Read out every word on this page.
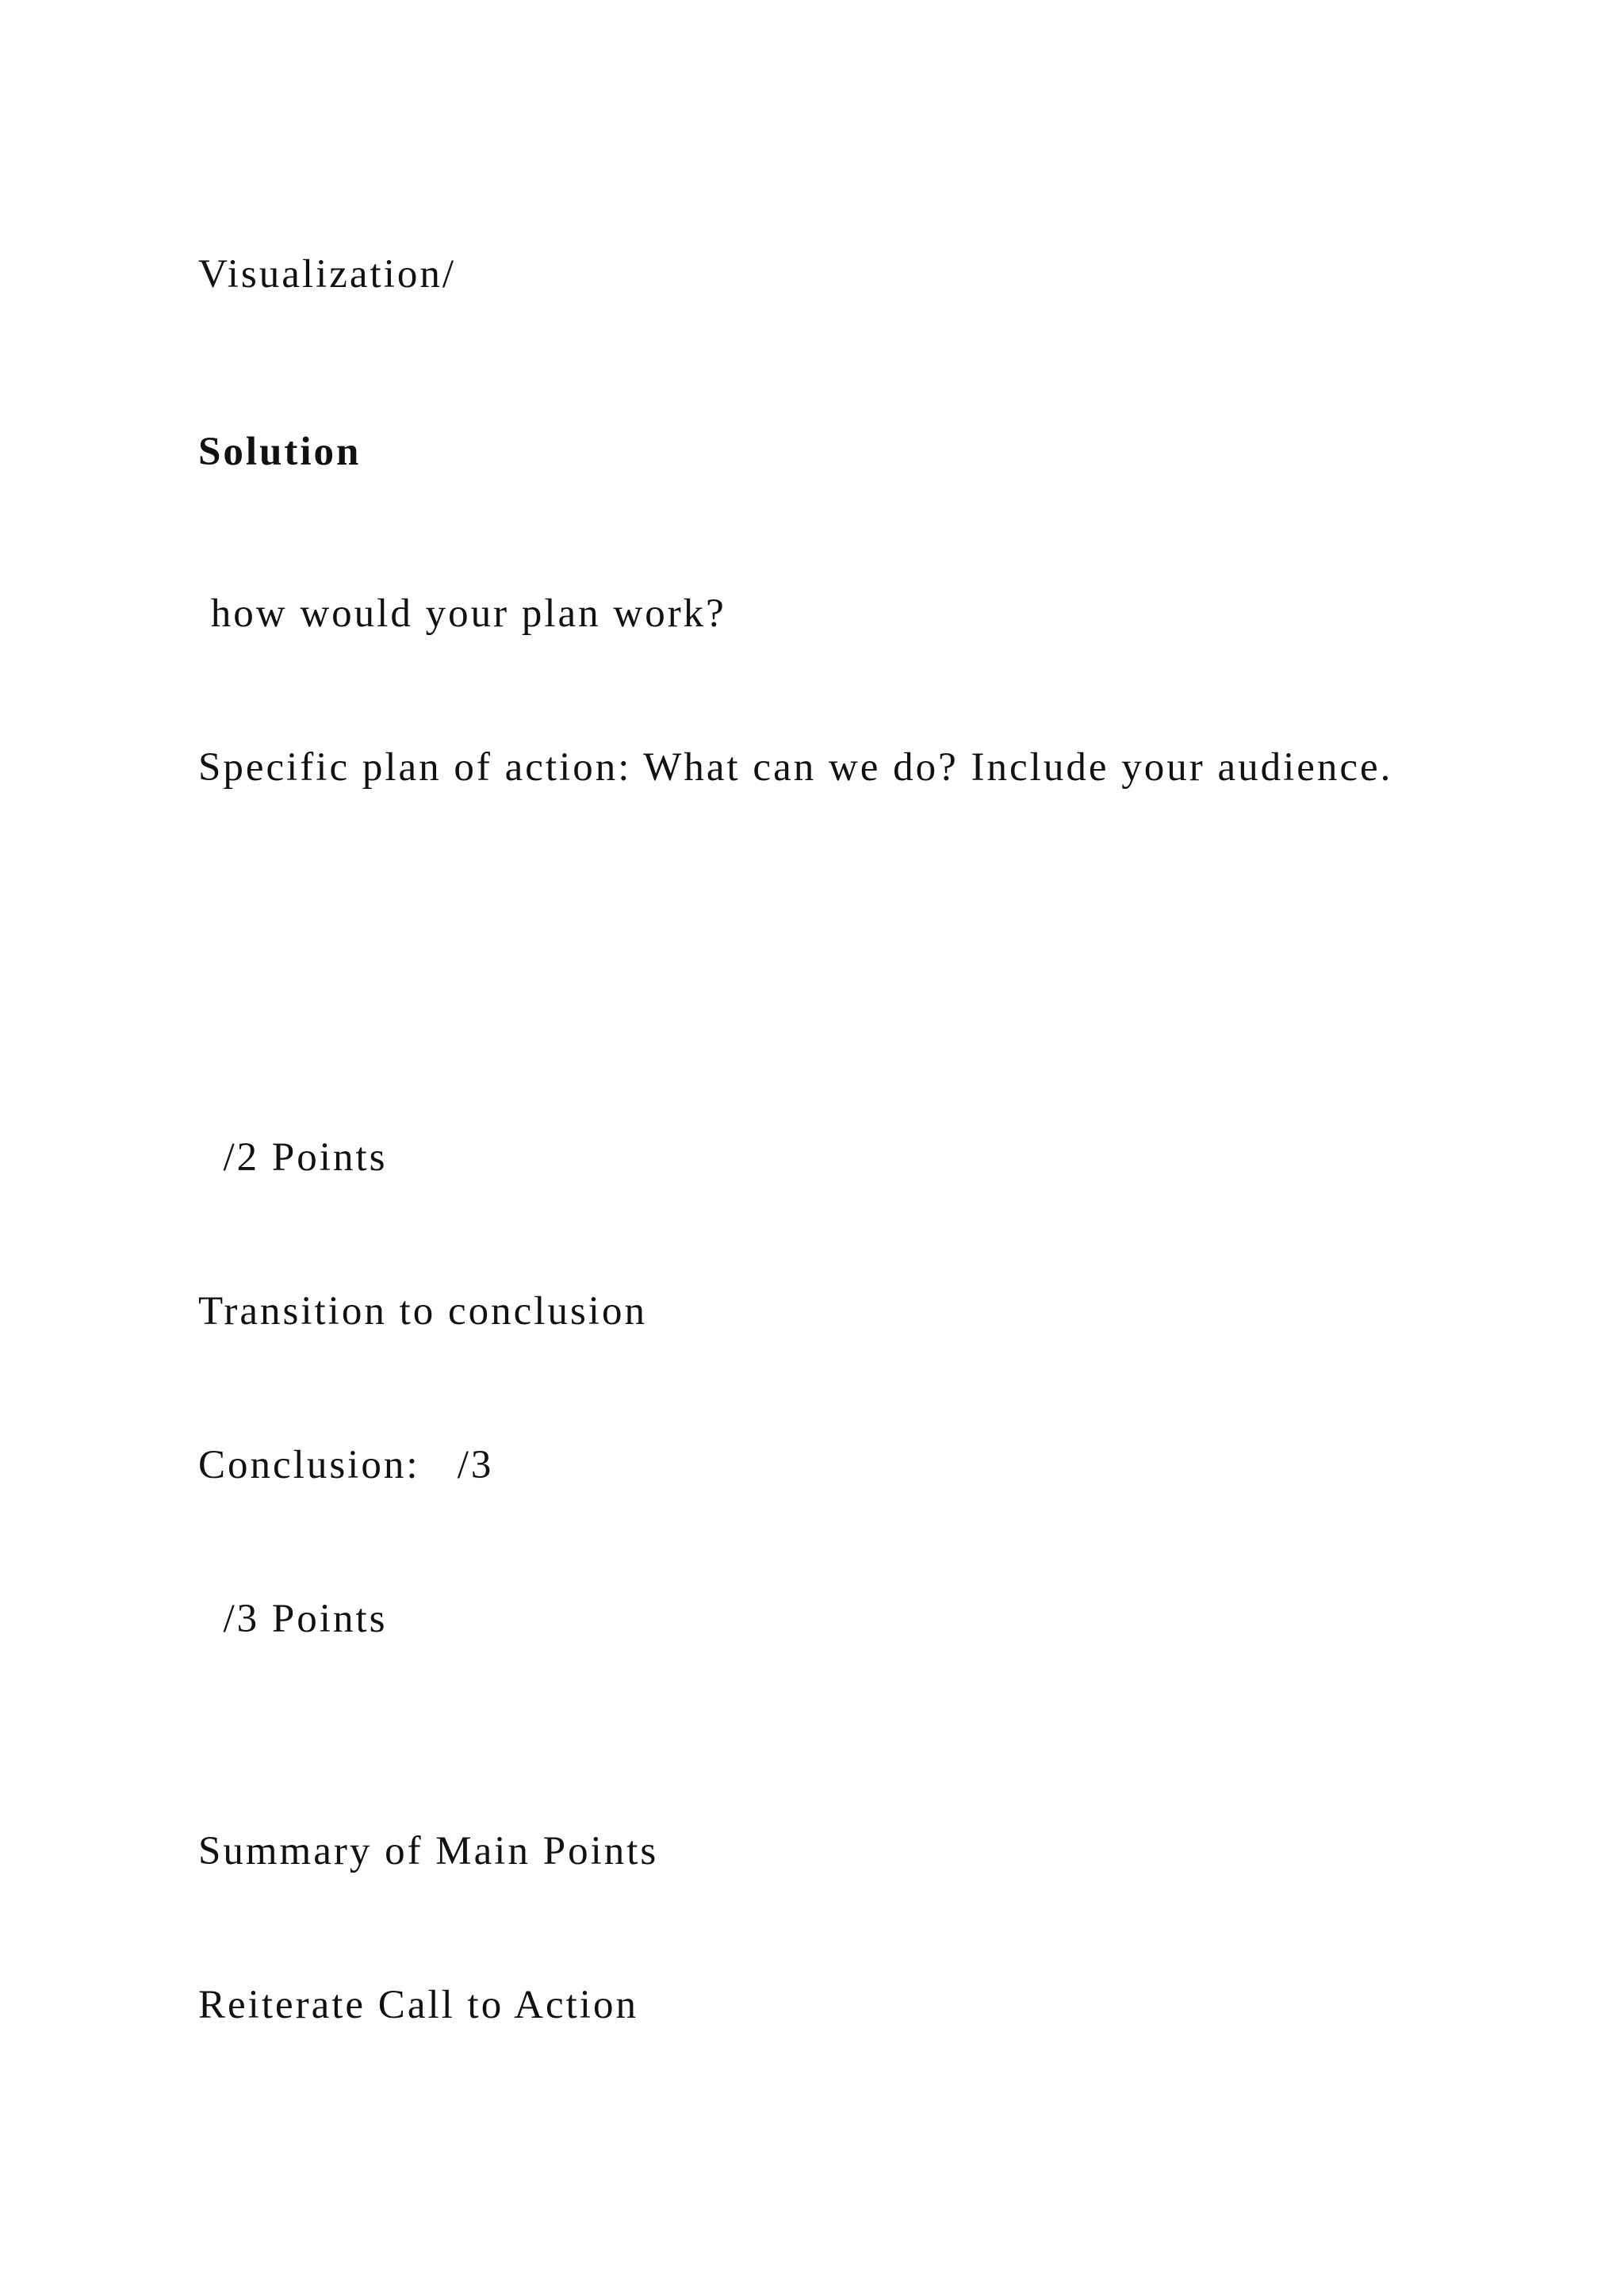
Visualization/
Solution
how would your plan work?
Specific plan of action: What can we do? Include your audience.
/2 Points
Transition to conclusion
Conclusion:   /3
/3 Points
Summary of Main Points
Reiterate Call to Action
